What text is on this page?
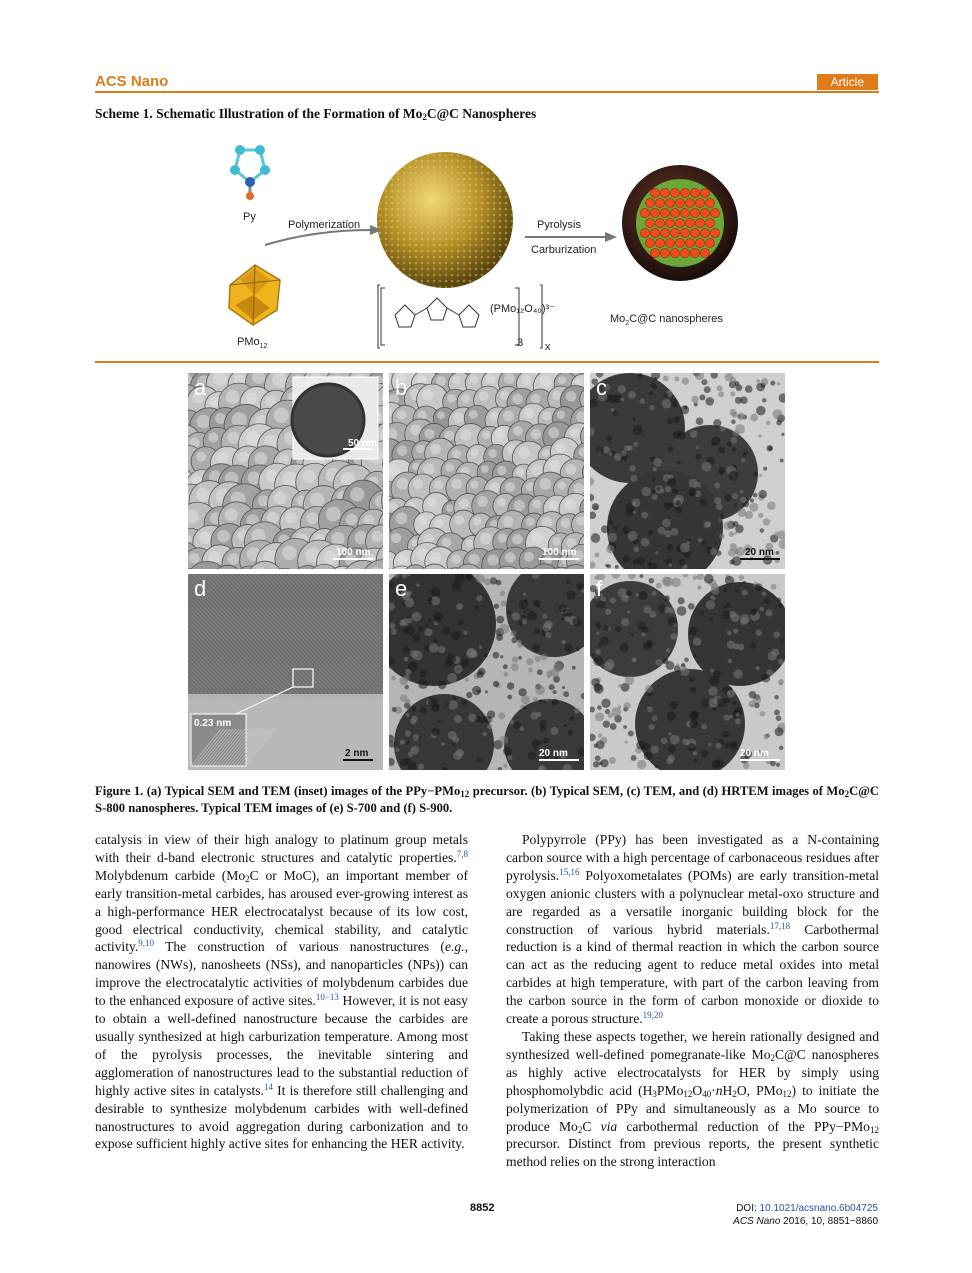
ACS Nano	Article
Scheme 1. Schematic Illustration of the Formation of $Mo_2C@C$ Nanospheres
Py
PMo$_{12}$
Polymerization
(PMo₁₂O₄₀)³⁻
3 x
Pyrolysis
Carburization
$Mo_2C@C$ nanospheres
50 nm
a
100 nm
b
100 nm
c
20 nm
0.23 nm
d
2 nm
e
20 nm
f
20 nm
Figure 1. (a) Typical SEM and TEM (inset) images of the PPy−PMo$_{12}$ precursor. (b) Typical SEM, (c) TEM, and (d) HRTEM images of $Mo_2C@C$ S-800 nanospheres. Typical TEM images of (e) S-700 and (f) S-900.

catalysis in view of their high analogy to platinum group metals with their d-band electronic structures and catalytic properties.$^{7,8}$ Molybdenum carbide ($Mo_2C$ or MoC), an important member of early transition-metal carbides, has aroused ever-growing interest as a high-performance HER electrocatalyst because of its low cost, good electrical conductivity, chemical stability, and catalytic activity.$^{9,10}$ The construction of various nanostructures (e.g., nanowires (NWs), nanosheets (NSs), and nanoparticles (NPs)) can improve the electrocatalytic activities of molybdenum carbides due to the enhanced exposure of active sites.$^{10-13}$ However, it is not easy to obtain a well-defined nanostructure because the carbides are usually synthesized at high carburization temperature. Among most of the pyrolysis processes, the inevitable sintering and agglomeration of nanostructures lead to the substantial reduction of highly active sites in catalysts.$^{14}$ It is therefore still challenging and desirable to synthesize molybdenum carbides with well-defined nanostructures to avoid aggregation during carbonization and to expose sufficient highly active sites for enhancing the HER activity.

Polypyrrole (PPy) has been investigated as a N-containing carbon source with a high percentage of carbonaceous residues after pyrolysis.$^{15,16}$ Polyoxometalates (POMs) are early transition-metal oxygen anionic clusters with a polynuclear metal-oxo structure and are regarded as a versatile inorganic building block for the construction of various hybrid materials.$^{17,18}$ Carbothermal reduction is a kind of thermal reaction in which the carbon source can act as the reducing agent to reduce metal oxides into metal carbides at high temperature, with part of the carbon leaving from the carbon source in the form of carbon monoxide or dioxide to create a porous structure.$^{19,20}$

Taking these aspects together, we herein rationally designed and synthesized well-defined pomegranate-like $Mo_2C@C$ nanospheres as highly active electrocatalysts for HER by simply using phosphomolybdic acid ($H_3PMo_{12}O_{40}\cdot nH_2O$, PMo$_{12}$) to initiate the polymerization of PPy and simultaneously as a Mo source to produce $Mo_2C$ via carbothermal reduction of the PPy−PMo$_{12}$ precursor. Distinct from previous reports, the present synthetic method relies on the strong interaction

8852	DOI: 10.1021/acsnano.6b04725
ACS Nano 2016, 10, 8851−8860
